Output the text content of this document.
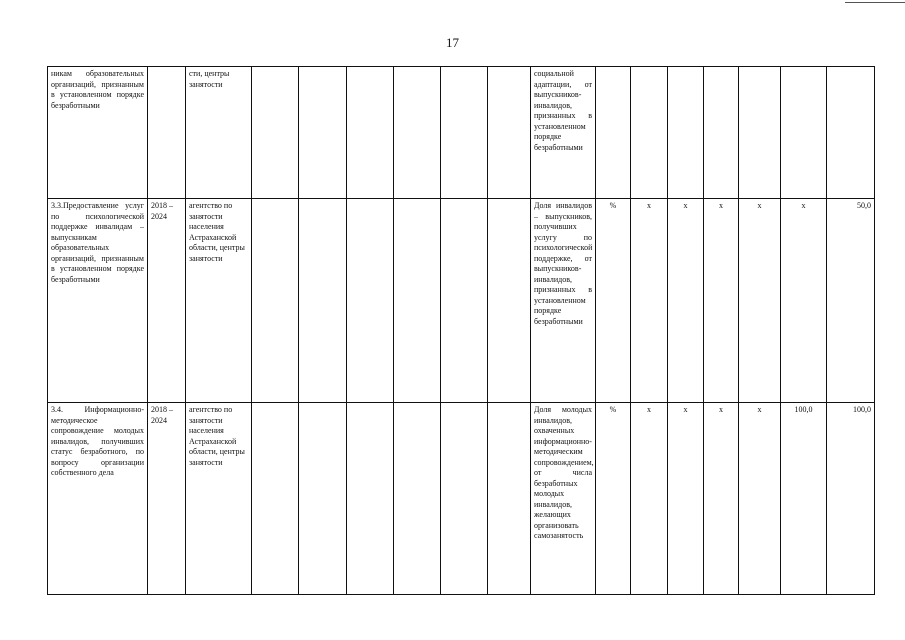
17
никам образовательных организаций, признанным в установленном порядке безработными		сти, центры занятости							социальной адаптации, от выпускников-инвалидов, признанных в установленном порядке безработными							
3.3.Предоставление услуг по психологической поддержке инвалидам – выпускникам образовательных организаций, признанным в установленном порядке безработными	2018 – 2024	агентство по занятости населения Астраханской области, центры занятости							Доля инвалидов – выпускников, получивших услугу по психологической поддержке, от выпускников-инвалидов, признанных в установленном порядке безработными	%	х	х	х	х	х	50,0
3.4. Информационно-методическое сопровождение молодых инвалидов, получивших статус безработного, по вопросу организации собственного дела	2018 – 2024	агентство по занятости населения Астраханской области, центры занятости							Доля молодых инвалидов, охваченных информационно-методическим сопровождением, от числа безработных молодых инвалидов, желающих организовать самозанятость	%	х	х	х	х	100,0	100,0
